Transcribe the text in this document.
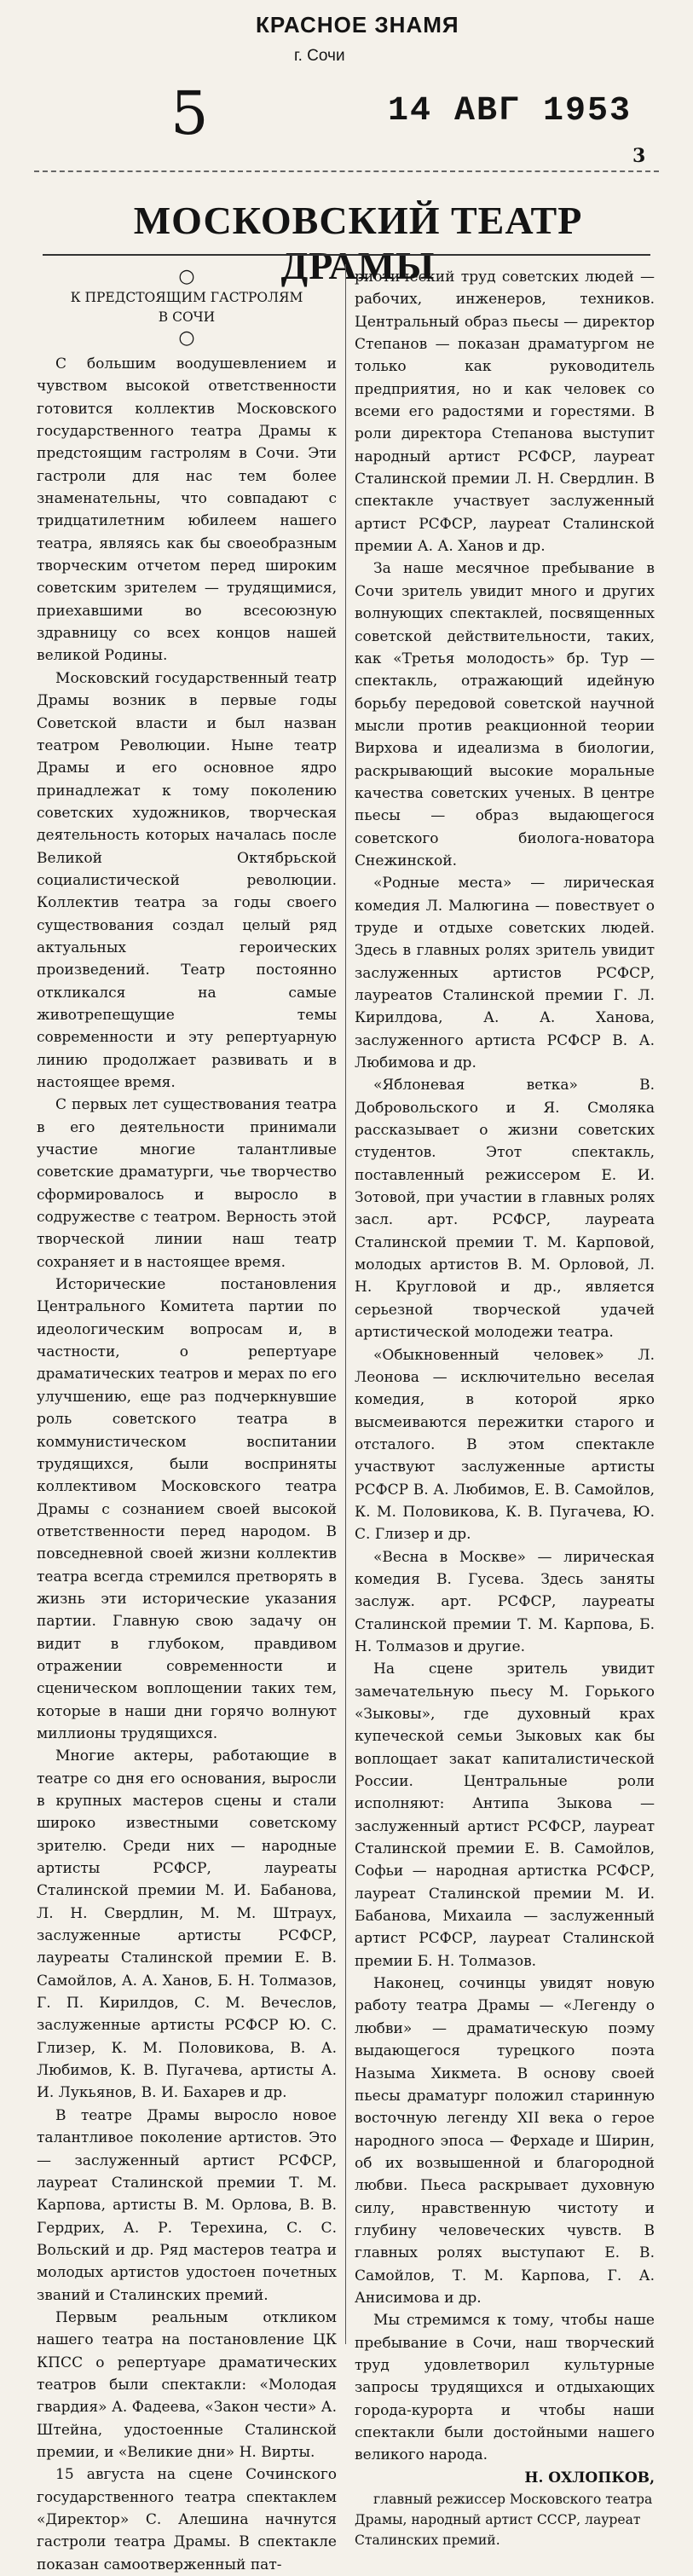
КРАСНОЕ ЗНАМЯ
г. Сочи
5	14 АВГ 1953
3
МОСКОВСКИЙ ТЕАТР ДРАМЫ
○
К ПРЕДСТОЯЩИМ ГАСТРОЛЯМ
В СОЧИ
○

С большим воодушевлением и чувством высокой ответственности готовится коллектив Московского государственного театра Драмы к предстоящим гастролям в Сочи. Эти гастроли для нас тем более знаменательны, что совпадают с тридцатилетним юбилеем нашего театра, являясь как бы своеобразным творческим отчетом перед широким советским зрителем — трудящимися, приехавшими во всесоюзную здравницу со всех концов нашей великой Родины.

Московский государственный театр Драмы возник в первые годы Советской власти и был назван театром Революции. Ныне театр Драмы и его основное ядро принадлежат к тому поколению советских художников, творческая деятельность которых началась после Великой Октябрьской социалистической революции. Коллектив театра за годы своего существования создал целый ряд актуальных героических произведений. Театр постоянно откликался на самые животрепещущие темы современности и эту репертуарную линию продолжает развивать и в настоящее время.

С первых лет существования театра в его деятельности принимали участие многие талантливые советские драматурги, чье творчество сформировалось и выросло в содружестве с театром. Верность этой творческой линии наш театр сохраняет и в настоящее время.

Исторические постановления Центрального Комитета партии по идеологическим вопросам и, в частности, о репертуаре драматических театров и мерах по его улучшению, еще раз подчеркнувшие роль советского театра в коммунистическом воспитании трудящихся, были восприняты коллективом Московского театра Драмы с сознанием своей высокой ответственности перед народом. В повседневной своей жизни коллектив театра всегда стремился претворять в жизнь эти исторические указания партии. Главную свою задачу он видит в глубоком, правдивом отражении современности и сценическом воплощении таких тем, которые в наши дни горячо волнуют миллионы трудящихся.

Многие актеры, работающие в театре со дня его основания, выросли в крупных мастеров сцены и стали широко известными советскому зрителю. Среди них — народные артисты РСФСР, лауреаты Сталинской премии М. И. Бабанова, Л. Н. Свердлин, М. М. Штраух, заслуженные артисты РСФСР, лауреаты Сталинской премии Е. В. Самойлов, А. А. Ханов, Б. Н. Толмазов, Г. П. Кирилдов, С. М. Вечеслов, заслуженные артисты РСФСР Ю. С. Глизер, К. М. Половикова, В. А. Любимов, К. В. Пугачева, артисты А. И. Лукьянов, В. И. Бахарев и др.

В театре Драмы выросло новое талантливое поколение артистов. Это — заслуженный артист РСФСР, лауреат Сталинской премии Т. М. Карпова, артисты В. М. Орлова, В. В. Гердрих, А. Р. Терехина, С. С. Вольский и др. Ряд мастеров театра и молодых артистов удостоен почетных званий и Сталинских премий.

Первым реальным откликом нашего театра на постановление ЦК КПСС о репертуаре драматических театров были спектакли: «Молодая гвардия» А. Фадеева, «Закон чести» А. Штейна, удостоенные Сталинской премии, и «Великие дни» Н. Вирты.

15 августа на сцене Сочинского государственного театра спектаклем «Директор» С. Алешина начнутся гастроли театра Драмы. В спектакле показан самоотверженный пат-

риотический труд советских людей — рабочих, инженеров, техников. Центральный образ пьесы — директор Степанов — показан драматургом не только как руководитель предприятия, но и как человек со всеми его радостями и горестями. В роли директора Степанова выступит народный артист РСФСР, лауреат Сталинской премии Л. Н. Свердлин. В спектакле участвует заслуженный артист РСФСР, лауреат Сталинской премии А. А. Ханов и др.

За наше месячное пребывание в Сочи зритель увидит много и других волнующих спектаклей, посвященных советской действительности, таких, как «Третья молодость» бр. Тур — спектакль, отражающий идейную борьбу передовой советской научной мысли против реакционной теории Вирхова и идеализма в биологии, раскрывающий высокие моральные качества советских ученых. В центре пьесы — образ выдающегося советского биолога-новатора Снежинской.

«Родные места» — лирическая комедия Л. Малюгина — повествует о труде и отдыхе советских людей. Здесь в главных ролях зритель увидит заслуженных артистов РСФСР, лауреатов Сталинской премии Г. Л. Кирилдова, А. А. Ханова, заслуженного артиста РСФСР В. А. Любимова и др.

«Яблоневая ветка» В. Добровольского и Я. Смоляка рассказывает о жизни советских студентов. Этот спектакль, поставленный режиссером Е. И. Зотовой, при участии в главных ролях засл. арт. РСФСР, лауреата Сталинской премии Т. М. Карповой, молодых артистов В. М. Орловой, Л. Н. Кругловой и др., является серьезной творческой удачей артистической молодежи театра.

«Обыкновенный человек» Л. Леонова — исключительно веселая комедия, в которой ярко высмеиваются пережитки старого и отсталого. В этом спектакле участвуют заслуженные артисты РСФСР В. А. Любимов, Е. В. Самойлов, К. М. Половикова, К. В. Пугачева, Ю. С. Глизер и др.

«Весна в Москве» — лирическая комедия В. Гусева. Здесь заняты заслуж. арт. РСФСР, лауреаты Сталинской премии Т. М. Карпова, Б. Н. Толмазов и другие.

На сцене зритель увидит замечательную пьесу М. Горького «Зыковы», где духовный крах купеческой семьи Зыковых как бы воплощает закат капиталистической России. Центральные роли исполняют: Антипа Зыкова — заслуженный артист РСФСР, лауреат Сталинской премии Е. В. Самойлов, Софьи — народная артистка РСФСР, лауреат Сталинской премии М. И. Бабанова, Михаила — заслуженный артист РСФСР, лауреат Сталинской премии Б. Н. Толмазов.

Наконец, сочинцы увидят новую работу театра Драмы — «Легенду о любви» — драматическую поэму выдающегося турецкого поэта Назыма Хикмета. В основу своей пьесы драматург положил старинную восточную легенду XII века о герое народного эпоса — Ферхаде и Ширин, об их возвышенной и благородной любви. Пьеса раскрывает духовную силу, нравственную чистоту и глубину человеческих чувств. В главных ролях выступают Е. В. Самойлов, Т. М. Карпова, Г. А. Анисимова и др.

Мы стремимся к тому, чтобы наше пребывание в Сочи, наш творческий труд удовлетворил культурные запросы трудящихся и отдыхающих города-курорта и чтобы наши спектакли были достойными нашего великого народа.

Н. ОХЛОПКОВ,

главный режиссер Московского театра Драмы, народный артист СССР, лауреат Сталинских премий.
